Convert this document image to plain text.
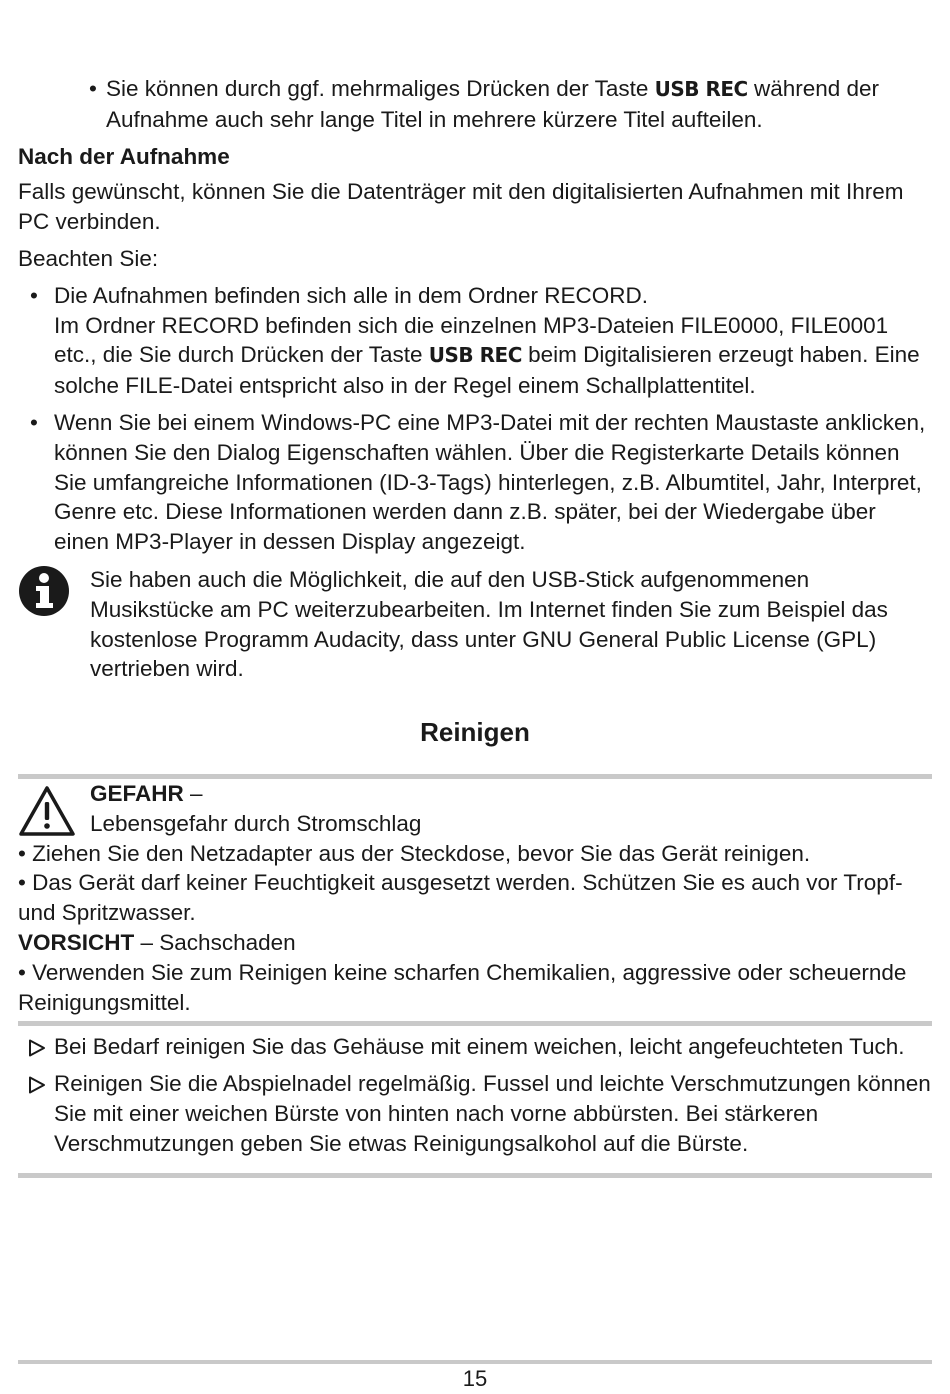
• Sie können durch ggf. mehrmaliges Drücken der Taste USB REC während der Aufnahme auch sehr lange Titel in mehrere kürzere Titel aufteilen.

Nach der Aufnahme

Falls gewünscht, können Sie die Datenträger mit den digitalisierten Aufnahmen mit Ihrem PC verbinden.

Beachten Sie:

• Die Aufnahmen befinden sich alle in dem Ordner RECORD.
Im Ordner RECORD befinden sich die einzelnen MP3-Dateien FILE0000, FILE0001 etc., die Sie durch Drücken der Taste USB REC beim Digitalisieren erzeugt haben. Eine solche FILE-Datei entspricht also in der Regel einem Schallplattentitel.
• Wenn Sie bei einem Windows-PC eine MP3-Datei mit der rechten Maustaste anklicken, können Sie den Dialog Eigenschaften wählen. Über die Registerkarte Details können Sie umfangreiche Informationen (ID-3-Tags) hinterlegen, z.B. Albumtitel, Jahr, Interpret, Genre etc. Diese Informationen werden dann z.B. später, bei der Wiedergabe über einen MP3-Player in dessen Display angezeigt.

Sie haben auch die Möglichkeit, die auf den USB-Stick aufgenommenen Musikstücke am PC weiterzubearbeiten. Im Internet finden Sie zum Beispiel das kostenlose Programm Audacity, dass unter GNU General Public License (GPL) vertrieben wird.

Reinigen

GEFAHR –

Lebensgefahr durch Stromschlag

• Ziehen Sie den Netzadapter aus der Steckdose, bevor Sie das Gerät reinigen.

• Das Gerät darf keiner Feuchtigkeit ausgesetzt werden. Schützen Sie es auch vor Tropf- und Spritzwasser.

VORSICHT – Sachschaden

• Verwenden Sie zum Reinigen keine scharfen Chemikalien, aggressive oder scheuernde Reinigungsmittel.

Bei Bedarf reinigen Sie das Gehäuse mit einem weichen, leicht angefeuchteten Tuch.
Reinigen Sie die Abspielnadel regelmäßig. Fussel und leichte Verschmutzungen können Sie mit einer weichen Bürste von hinten nach vorne abbürsten. Bei stärkeren Verschmutzungen geben Sie etwas Reinigungsalkohol auf die Bürste.
15
